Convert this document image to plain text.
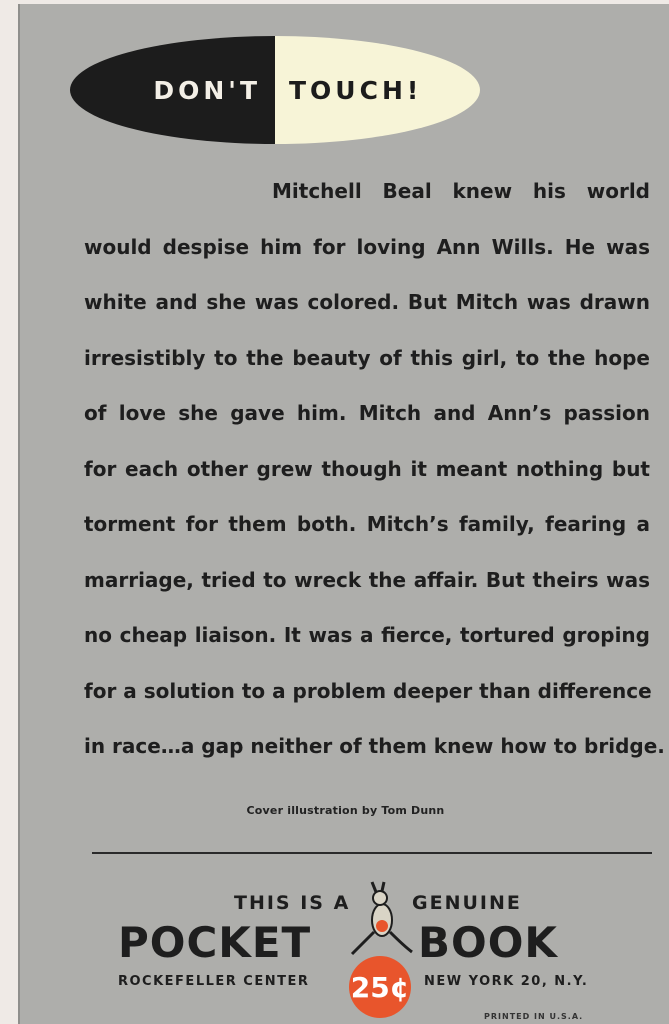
DON'T	TOUCH!
Mitchell Beal knew his world
would despise him for loving Ann Wills. He was
white and she was colored. But Mitch was drawn
irresistibly to the beauty of this girl, to the hope
of love she gave him. Mitch and Ann’s passion
for each other grew though it meant nothing but
torment for them both. Mitch’s family, fearing a
marriage, tried to wreck the affair. But theirs was
no cheap liaison. It was a fierce, tortured groping
for a solution to a problem deeper than difference
in race…a gap neither of them knew how to bridge.
Cover illustration by Tom Dunn
THIS IS A	GENUINE
POCKET	BOOK
ROCKEFELLER CENTER	NEW YORK 20, N.Y.
25¢
PRINTED IN U.S.A.
